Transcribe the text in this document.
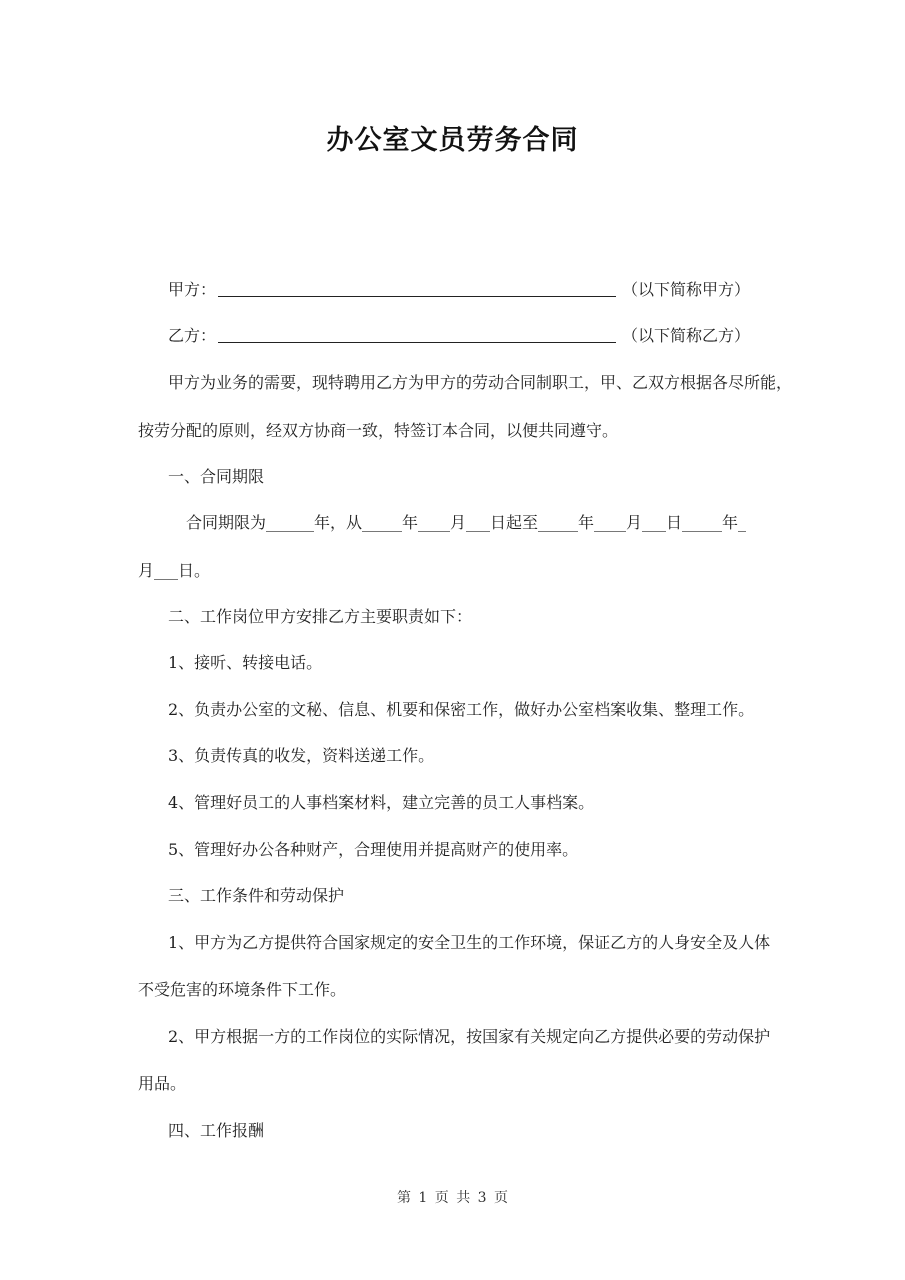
办公室文员劳务合同
甲方：	（以下简称甲方）
乙方：	（以下简称乙方）
甲方为业务的需要，现特聘用乙方为甲方的劳动合同制职工，甲、乙双方根据各尽所能，
按劳分配的原则，经双方协商一致，特签订本合同，以便共同遵守。
一、合同期限
合同期限为______年，从_____年____月___日起至_____年____月___日_____年_
月___日。
二、工作岗位甲方安排乙方主要职责如下：
1、接听、转接电话。
2、负责办公室的文秘、信息、机要和保密工作，做好办公室档案收集、整理工作。
3、负责传真的收发，资料送递工作。
4、管理好员工的人事档案材料，建立完善的员工人事档案。
5、管理好办公各种财产，合理使用并提高财产的使用率。
三、工作条件和劳动保护
1、甲方为乙方提供符合国家规定的安全卫生的工作环境，保证乙方的人身安全及人体
不受危害的环境条件下工作。
2、甲方根据一方的工作岗位的实际情况，按国家有关规定向乙方提供必要的劳动保护
用品。
四、工作报酬
第 1 页 共 3 页
